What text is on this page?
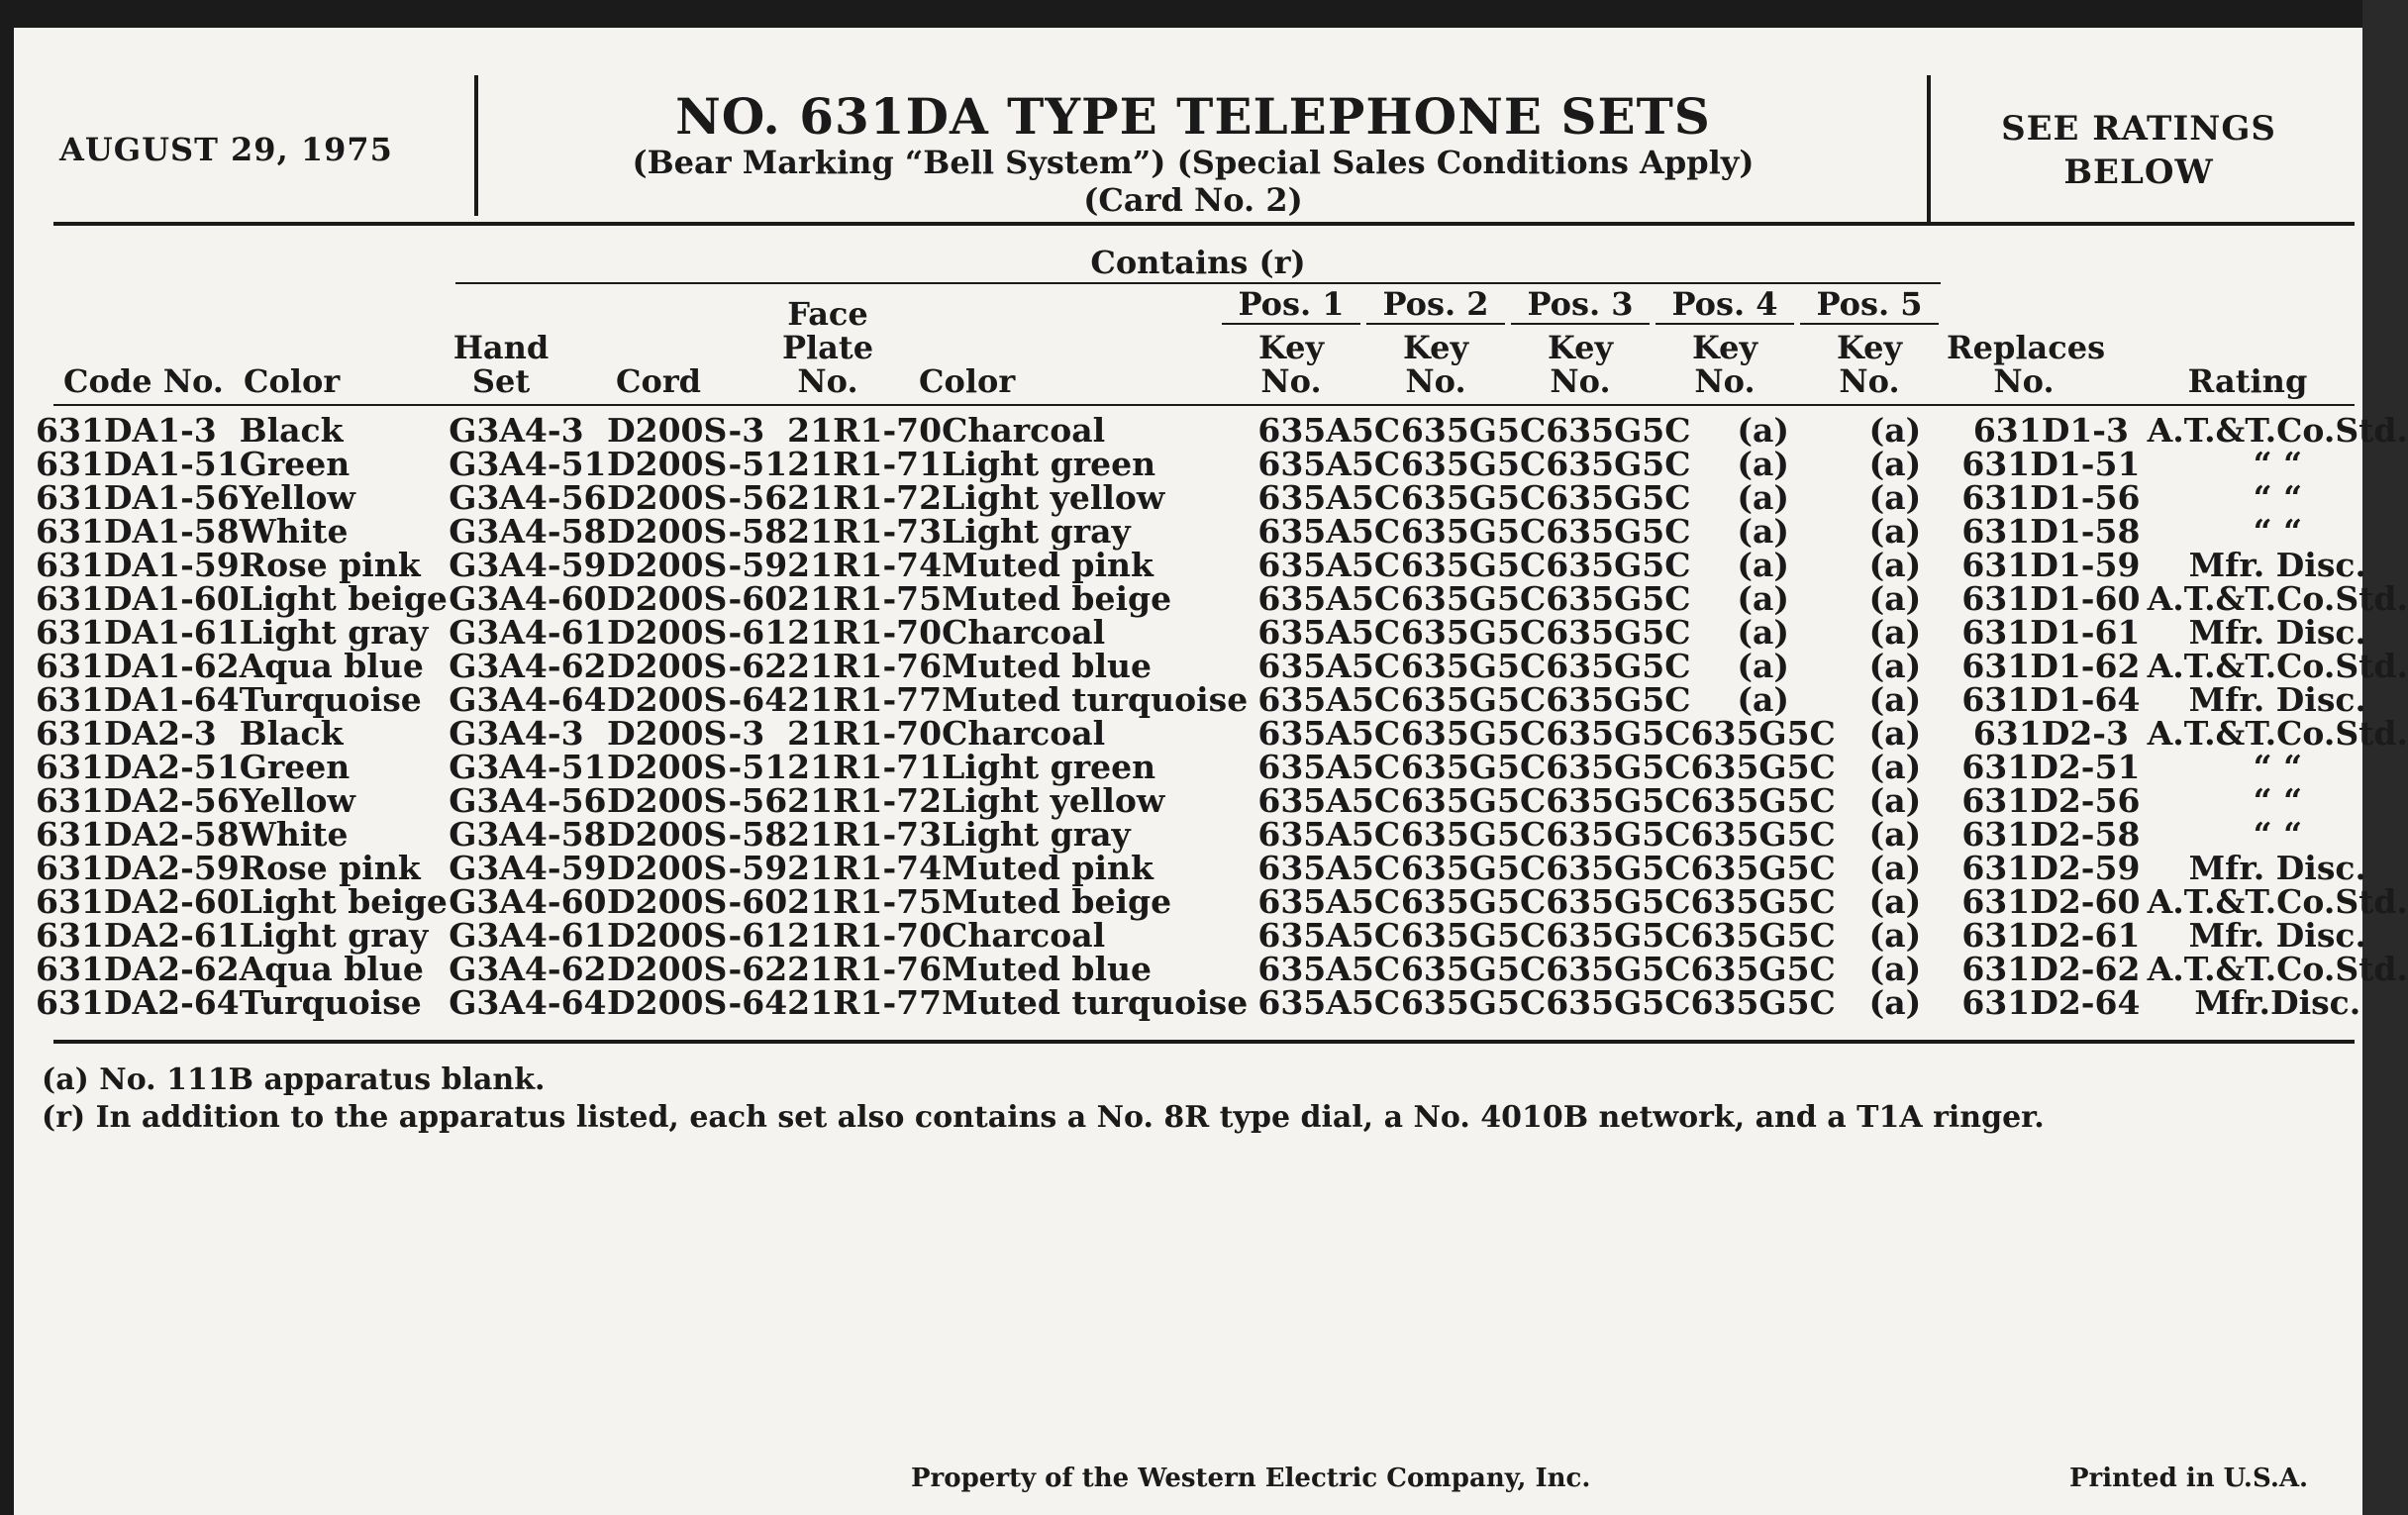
AUGUST 29, 1975
NO. 631DA TYPE TELEPHONE SETS
(Bear Marking “Bell System”) (Special Sales Conditions Apply)
(Card No. 2)
SEE RATINGS
BELOW
Contains (r)
Code No. Color
Hand
Set	Cord
Face
Plate
No.	Color
Pos. 1
Key
No.
Pos. 2
Key
No.
Pos. 3
Key
No.
Pos. 4
Key
No.
Pos. 5
Key
No.
Replaces
No.	Rating
631DA1-3	Black	G3A4-3	D200S-3	21R1-70	Charcoal	635A5C	635G5C	635G5C	(a)	(a)	631D1-3	A.T.&T.Co.Std.
631DA1-51	Green	G3A4-51	D200S-51	21R1-71	Light green	635A5C	635G5C	635G5C	(a)	(a)	631D1-51	“ “
631DA1-56	Yellow	G3A4-56	D200S-56	21R1-72	Light yellow	635A5C	635G5C	635G5C	(a)	(a)	631D1-56	“ “
631DA1-58	White	G3A4-58	D200S-58	21R1-73	Light gray	635A5C	635G5C	635G5C	(a)	(a)	631D1-58	“ “
631DA1-59	Rose pink	G3A4-59	D200S-59	21R1-74	Muted pink	635A5C	635G5C	635G5C	(a)	(a)	631D1-59	Mfr. Disc.
631DA1-60	Light beige	G3A4-60	D200S-60	21R1-75	Muted beige	635A5C	635G5C	635G5C	(a)	(a)	631D1-60	A.T.&T.Co.Std.
631DA1-61	Light gray	G3A4-61	D200S-61	21R1-70	Charcoal	635A5C	635G5C	635G5C	(a)	(a)	631D1-61	Mfr. Disc.
631DA1-62	Aqua blue	G3A4-62	D200S-62	21R1-76	Muted blue	635A5C	635G5C	635G5C	(a)	(a)	631D1-62	A.T.&T.Co.Std.
631DA1-64	Turquoise	G3A4-64	D200S-64	21R1-77	Muted turquoise	635A5C	635G5C	635G5C	(a)	(a)	631D1-64	Mfr. Disc.
631DA2-3	Black	G3A4-3	D200S-3	21R1-70	Charcoal	635A5C	635G5C	635G5C	635G5C	(a)	631D2-3	A.T.&T.Co.Std.
631DA2-51	Green	G3A4-51	D200S-51	21R1-71	Light green	635A5C	635G5C	635G5C	635G5C	(a)	631D2-51	“ “
631DA2-56	Yellow	G3A4-56	D200S-56	21R1-72	Light yellow	635A5C	635G5C	635G5C	635G5C	(a)	631D2-56	“ “
631DA2-58	White	G3A4-58	D200S-58	21R1-73	Light gray	635A5C	635G5C	635G5C	635G5C	(a)	631D2-58	“ “
631DA2-59	Rose pink	G3A4-59	D200S-59	21R1-74	Muted pink	635A5C	635G5C	635G5C	635G5C	(a)	631D2-59	Mfr. Disc.
631DA2-60	Light beige	G3A4-60	D200S-60	21R1-75	Muted beige	635A5C	635G5C	635G5C	635G5C	(a)	631D2-60	A.T.&T.Co.Std.
631DA2-61	Light gray	G3A4-61	D200S-61	21R1-70	Charcoal	635A5C	635G5C	635G5C	635G5C	(a)	631D2-61	Mfr. Disc.
631DA2-62	Aqua blue	G3A4-62	D200S-62	21R1-76	Muted blue	635A5C	635G5C	635G5C	635G5C	(a)	631D2-62	A.T.&T.Co.Std.
631DA2-64	Turquoise	G3A4-64	D200S-64	21R1-77	Muted turquoise	635A5C	635G5C	635G5C	635G5C	(a)	631D2-64	Mfr.Disc.
(a) No. 111B apparatus blank.
(r) In addition to the apparatus listed, each set also contains a No. 8R type dial, a No. 4010B network, and a T1A ringer.
Property of the Western Electric Company, Inc.	Printed in U.S.A.
